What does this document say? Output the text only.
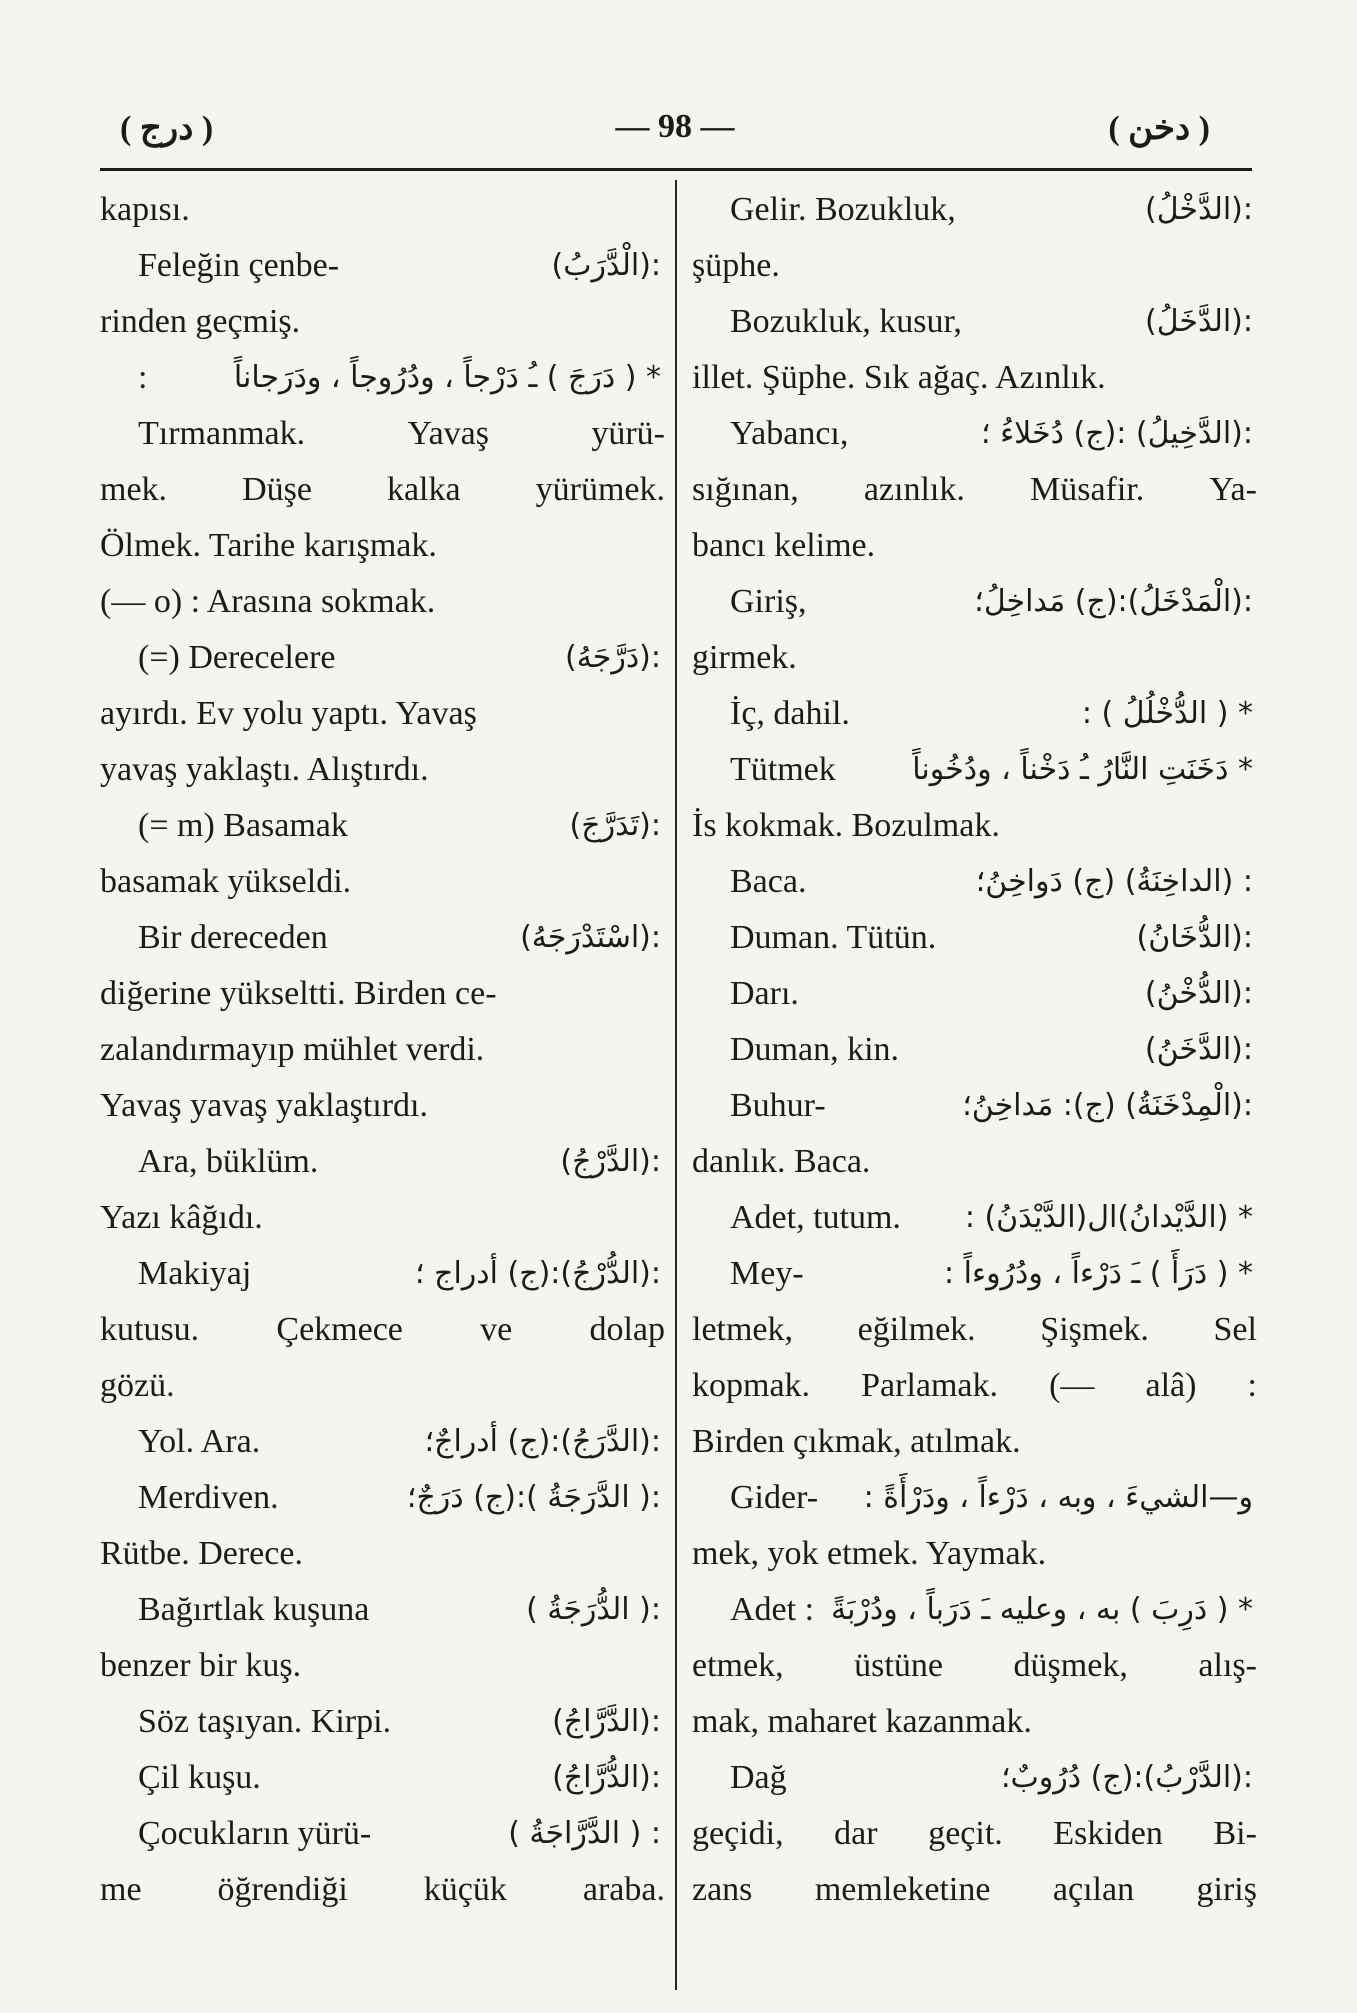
( درج )	— 98 —	( دخن )
kapısı.
Feleğin çenbe-	:(الْدَّرَبُ)
rinden geçmiş.
:	* ( دَرَجَ ) ـُ دَرْجاً ، ودُرُوجاً ، ودَرَجاناً
Tırmanmak.	Yavaş	yürü-
mek. Düşe kalka yürümek.
Ölmek. Tarihe karışmak.
(— o) : Arasına sokmak.
(=) Derecelere	:(دَرَّجَهُ)
ayırdı. Ev yolu yaptı. Yavaş
yavaş yaklaştı. Alıştırdı.
(= m) Basamak	:(تَدَرَّجَ)
basamak yükseldi.
Bir dereceden	:(اسْتَدْرَجَهُ)
diğerine yükseltti. Birden ce-
zalandırmayıp mühlet verdi.
Yavaş yavaş yaklaştırdı.
Ara, büklüm.	:(الدَّرْجُ)
Yazı kâğıdı.
Makiyaj	:(الدُّرْجُ):(ج) أدراج ؛
kutusu. Çekmece ve dolap
gözü.
Yol. Ara.	:(الدَّرَجُ):(ج) أدراجٌ؛
Merdiven.	:( الدَّرَجَةُ ):(ج) دَرَجٌ؛
Rütbe. Derece.
Bağırtlak kuşuna	:( الدُّرَجَةُ )
benzer bir kuş.
Söz taşıyan. Kirpi.	:(الدَّرَّاجُ)
Çil kuşu.	:(الدُّرَّاجُ)
Çocukların yürü-	: ( الدَّرَّاجَةُ )
me öğrendiği küçük araba.
Gelir. Bozukluk,	:(الدَّخْلُ)
şüphe.
Bozukluk, kusur,	:(الدَّخَلُ)
illet. Şüphe. Sık ağaç. Azınlık.
Yabancı,	:(الدَّخِيلُ) :(ج) دُخَلاءُ ؛
sığınan, azınlık. Müsafir. Ya-
bancı kelime.
Giriş,	:(الْمَدْخَلُ):(ج) مَداخِلُ؛
girmek.
İç, dahil.	* ( الدُّخْلُلُ ) :
Tütmek	* دَخَنَتِ النَّارُ ـُ دَخْناً ، ودُخُوناً
İs kokmak. Bozulmak.
Baca.	: (الداخِنَةُ) (ج) دَواخِنُ؛
Duman. Tütün.	:(الدُّخَانُ)
Darı.	:(الدُّخْنُ)
Duman, kin.	:(الدَّخَنُ)
Buhur-	:(الْمِدْخَنَةُ) (ج): مَداخِنُ؛
danlık. Baca.
Adet, tutum. * (الدَّيْدانُ)ال(الدَّيْدَنُ) :
Mey-	* ( دَرَأَ ) ـَ دَرْءاً ، ودُرُوءاً :
letmek, eğilmek. Şişmek. Sel
kopmak. Parlamak. (— alâ) :
Birden çıkmak, atılmak.
Gider- و—الشيءَ ، وبه ، دَرْءاً ، ودَرْأَةً :
mek, yok etmek. Yaymak.
Adet : * ( دَرِبَ ) به ، وعليه ـَ دَرَباً ، ودُرْبَةً
etmek, üstüne düşmek, alış-
mak, maharet kazanmak.
Dağ	:(الدَّرْبُ):(ج) دُرُوبٌ؛
geçidi, dar geçit. Eskiden Bi-
zans memleketine açılan giriş
